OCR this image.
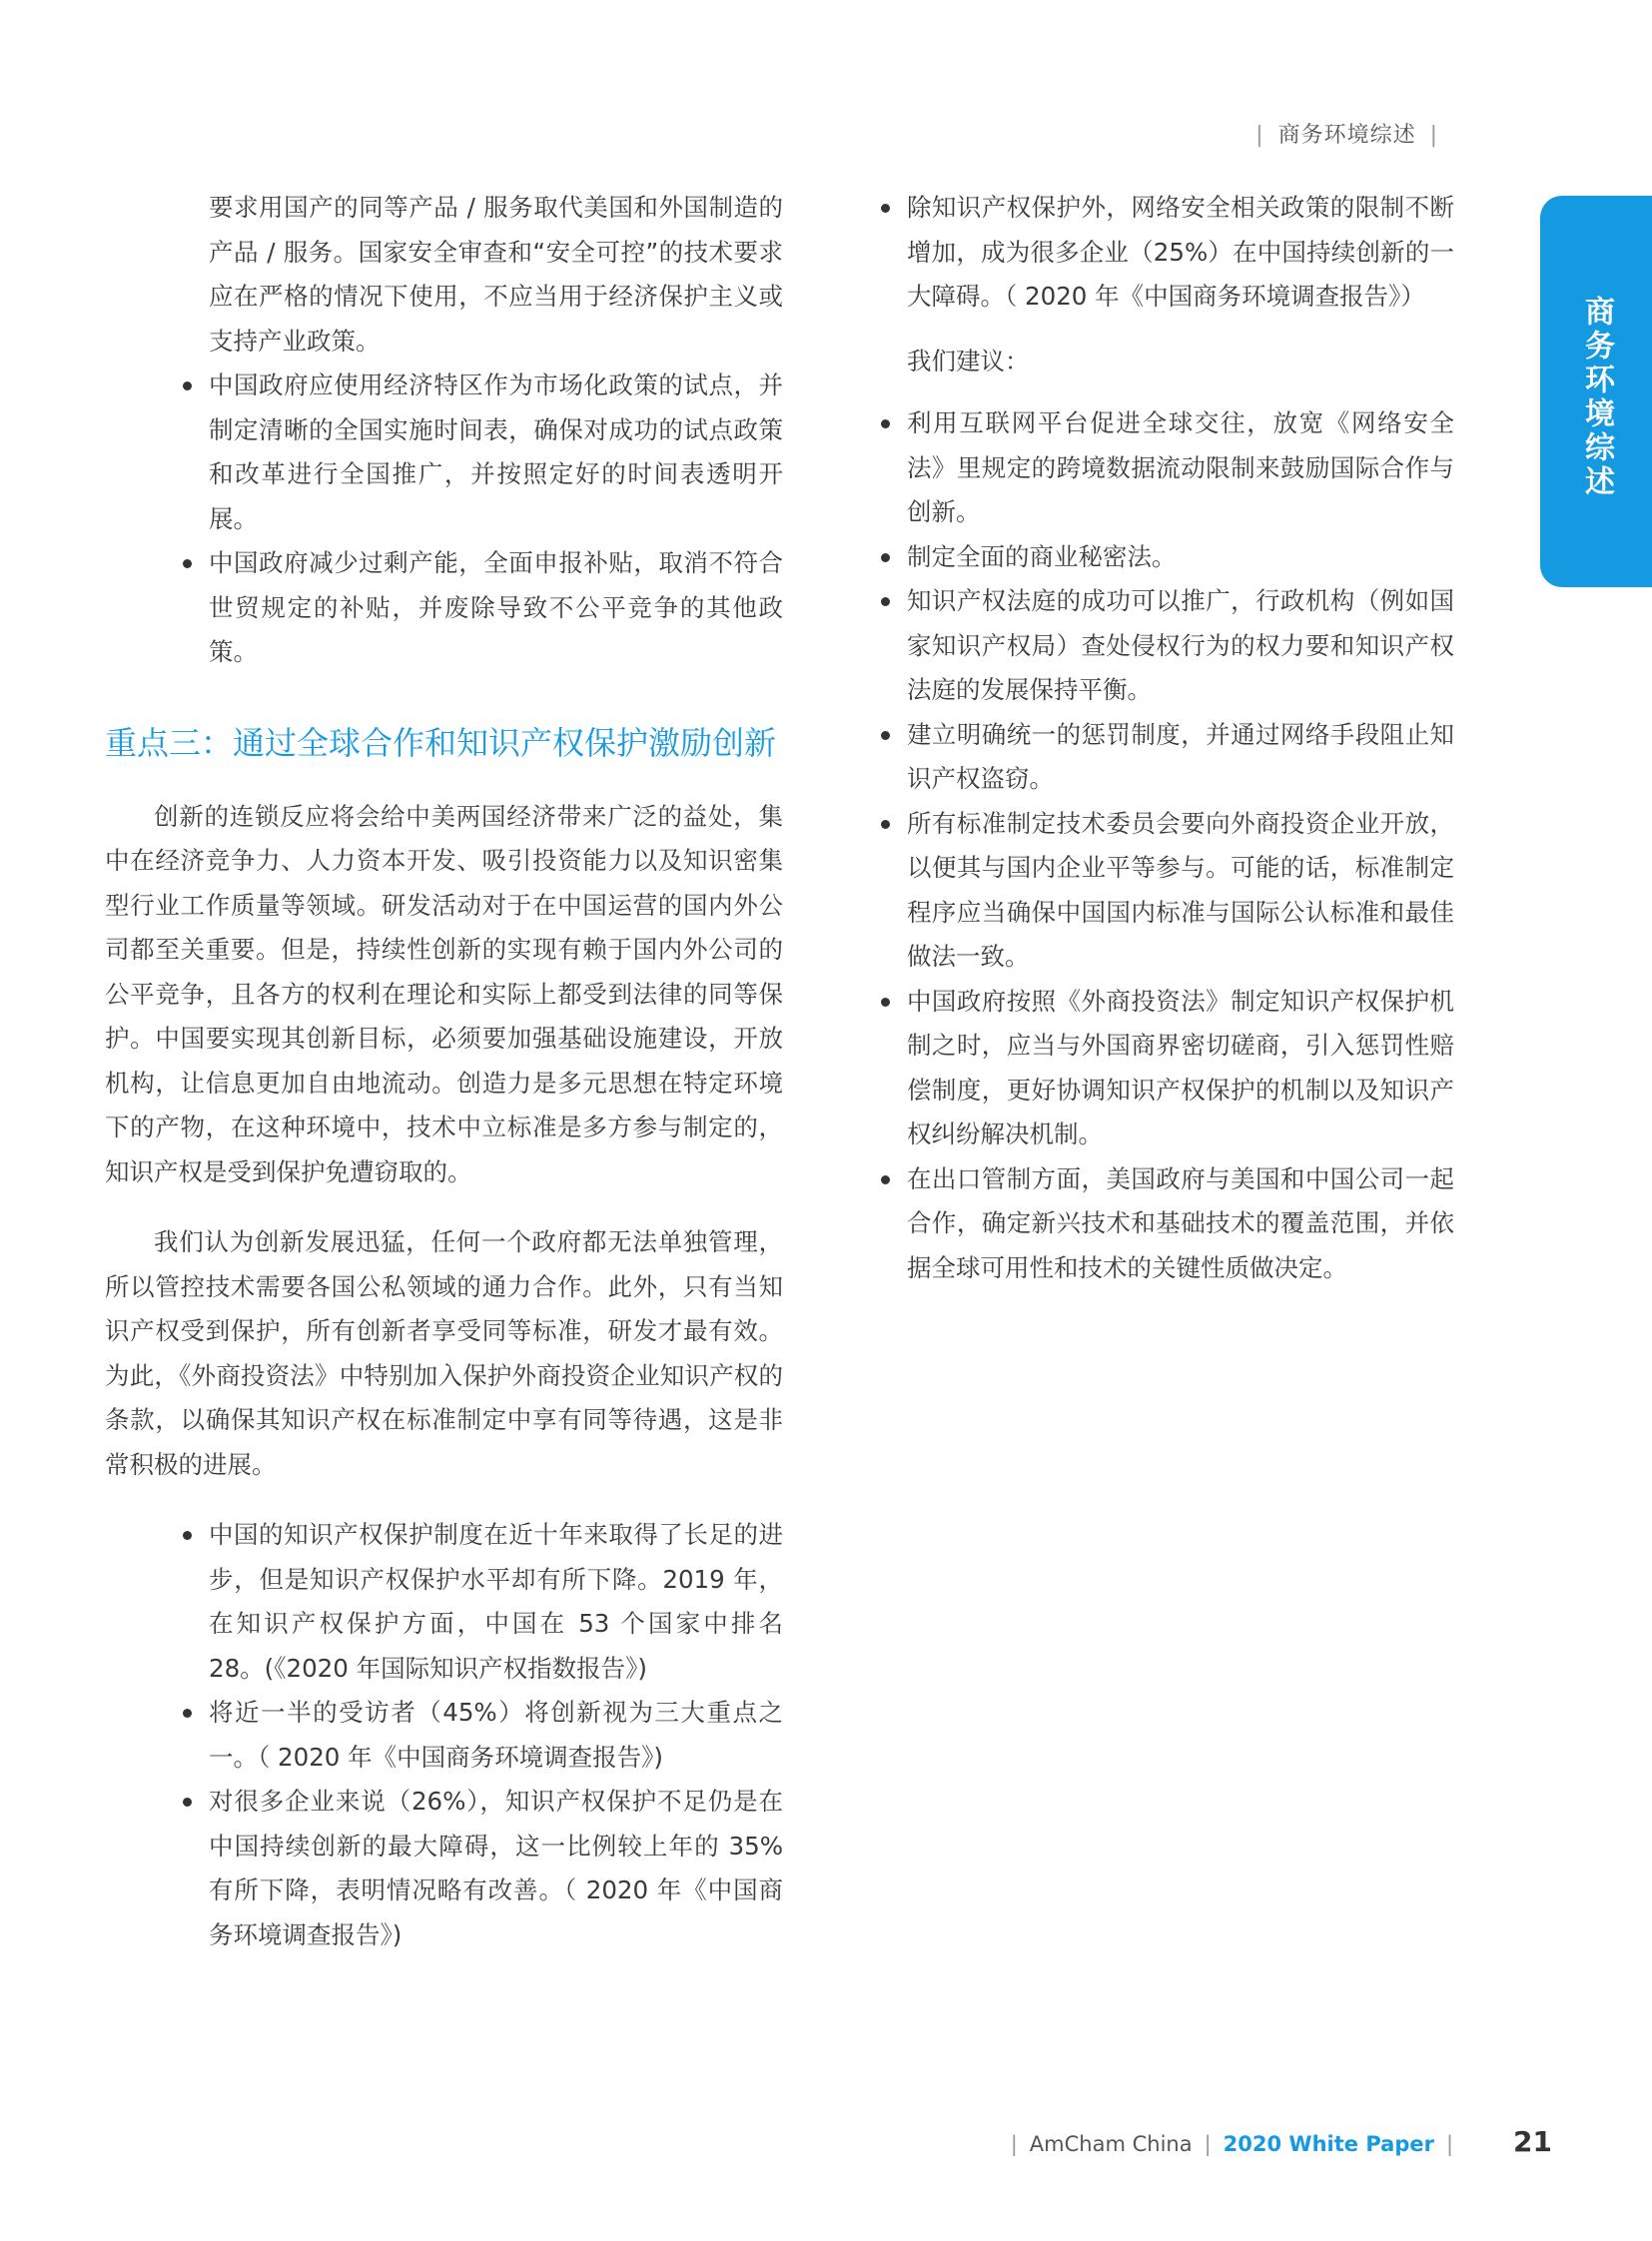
| 商务环境综述 |
商务环境综述

要求用国产的同等产品 / 服务取代美国和外国制造的产品 / 服务。国家安全审查和“安全可控”的技术要求应在严格的情况下使用，不应当用于经济保护主义或支持产业政策。

中国政府应使用经济特区作为市场化政策的试点，并制定清晰的全国实施时间表，确保对成功的试点政策和改革进行全国推广，并按照定好的时间表透明开展。
中国政府减少过剩产能，全面申报补贴，取消不符合世贸规定的补贴，并废除导致不公平竞争的其他政策。
重点三：通过全球合作和知识产权保护激励创新

创新的连锁反应将会给中美两国经济带来广泛的益处，集中在经济竞争力、人力资本开发、吸引投资能力以及知识密集型行业工作质量等领域。研发活动对于在中国运营的国内外公司都至关重要。但是，持续性创新的实现有赖于国内外公司的公平竞争，且各方的权利在理论和实际上都受到法律的同等保护。中国要实现其创新目标，必须要加强基础设施建设，开放机构，让信息更加自由地流动。创造力是多元思想在特定环境下的产物，在这种环境中，技术中立标准是多方参与制定的，知识产权是受到保护免遭窃取的。

我们认为创新发展迅猛，任何一个政府都无法单独管理，所以管控技术需要各国公私领域的通力合作。此外，只有当知识产权受到保护，所有创新者享受同等标准，研发才最有效。为此，《外商投资法》中特别加入保护外商投资企业知识产权的条款，以确保其知识产权在标准制定中享有同等待遇，这是非常积极的进展。

中国的知识产权保护制度在近十年来取得了长足的进步，但是知识产权保护水平却有所下降。2019 年，在知识产权保护方面，中国在 53 个国家中排名 28。(《2020 年国际知识产权指数报告》)
将近一半的受访者（45%）将创新视为三大重点之一。（ 2020 年《中国商务环境调查报告》)
对很多企业来说（26%），知识产权保护不足仍是在中国持续创新的最大障碍，这一比例较上年的 35% 有所下降，表明情况略有改善。（ 2020 年《中国商务环境调查报告》)
除知识产权保护外，网络安全相关政策的限制不断增加，成为很多企业（25%）在中国持续创新的一大障碍。（ 2020 年《中国商务环境调查报告》）

我们建议：

利用互联网平台促进全球交往，放宽《网络安全法》里规定的跨境数据流动限制来鼓励国际合作与创新。
制定全面的商业秘密法。
知识产权法庭的成功可以推广，行政机构（例如国家知识产权局）查处侵权行为的权力要和知识产权法庭的发展保持平衡。
建立明确统一的惩罚制度，并通过网络手段阻止知识产权盗窃。
所有标准制定技术委员会要向外商投资企业开放，以便其与国内企业平等参与。可能的话，标准制定程序应当确保中国国内标准与国际公认标准和最佳做法一致。
中国政府按照《外商投资法》制定知识产权保护机制之时，应当与外国商界密切磋商，引入惩罚性赔偿制度，更好协调知识产权保护的机制以及知识产权纠纷解决机制。
在出口管制方面，美国政府与美国和中国公司一起合作，确定新兴技术和基础技术的覆盖范围，并依据全球可用性和技术的关键性质做决定。
| AmCham China | 2020 White Paper | 21
